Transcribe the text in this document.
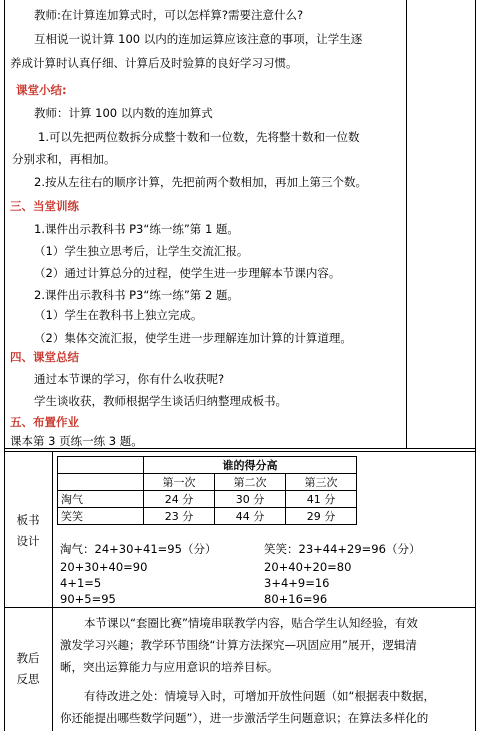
教师:在计算连加算式时，可以怎样算?需要注意什么?
互相说一说计算 100 以内的连加运算应该注意的事项，让学生逐
养成计算时认真仔细、计算后及时验算的良好学习习惯。
课堂小结:
教师：计算 100 以内数的连加算式
1.可以先把两位数拆分成整十数和一位数，先将整十数和一位数
分别求和，再相加。
2.按从左往右的顺序计算，先把前两个数相加，再加上第三个数。
三、当堂训练
1.课件出示教科书 P3“练一练”第 1 题。
（1）学生独立思考后，让学生交流汇报。
（2）通过计算总分的过程，使学生进一步理解本节课内容。
2.课件出示教科书 P3“练一练”第 2 题。
（1）学生在教科书上独立完成。
（2）集体交流汇报，使学生进一步理解连加计算的计算道理。
四、课堂总结
通过本节课的学习，你有什么收获呢?
学生谈收获，教师根据学生谈话归纳整理成板书。
五、布置作业
课本第 3 页练一练 3 题。
板书
设计
	谁的得分高		
	第一次	第二次	第三次
淘气	24 分	30 分	41 分
笑笑	23 分	44 分	29 分
淘气：24+30+41=95（分）
20+30+40=90
4+1=5
90+5=95
笑笑：23+44+29=96（分）
20+40+20=80
3+4+9=16
80+16=96
教后
反思
本节课以“套圈比赛”情境串联教学内容，贴合学生认知经验，有效
激发学习兴趣；教学环节围绕“计算方法探究—巩固应用”展开，逻辑清
晰，突出运算能力与应用意识的培养目标。
有待改进之处：情境导入时，可增加开放性问题（如“根据表中数据，
你还能提出哪些数学问题”），进一步激活学生问题意识；在算法多样化的
